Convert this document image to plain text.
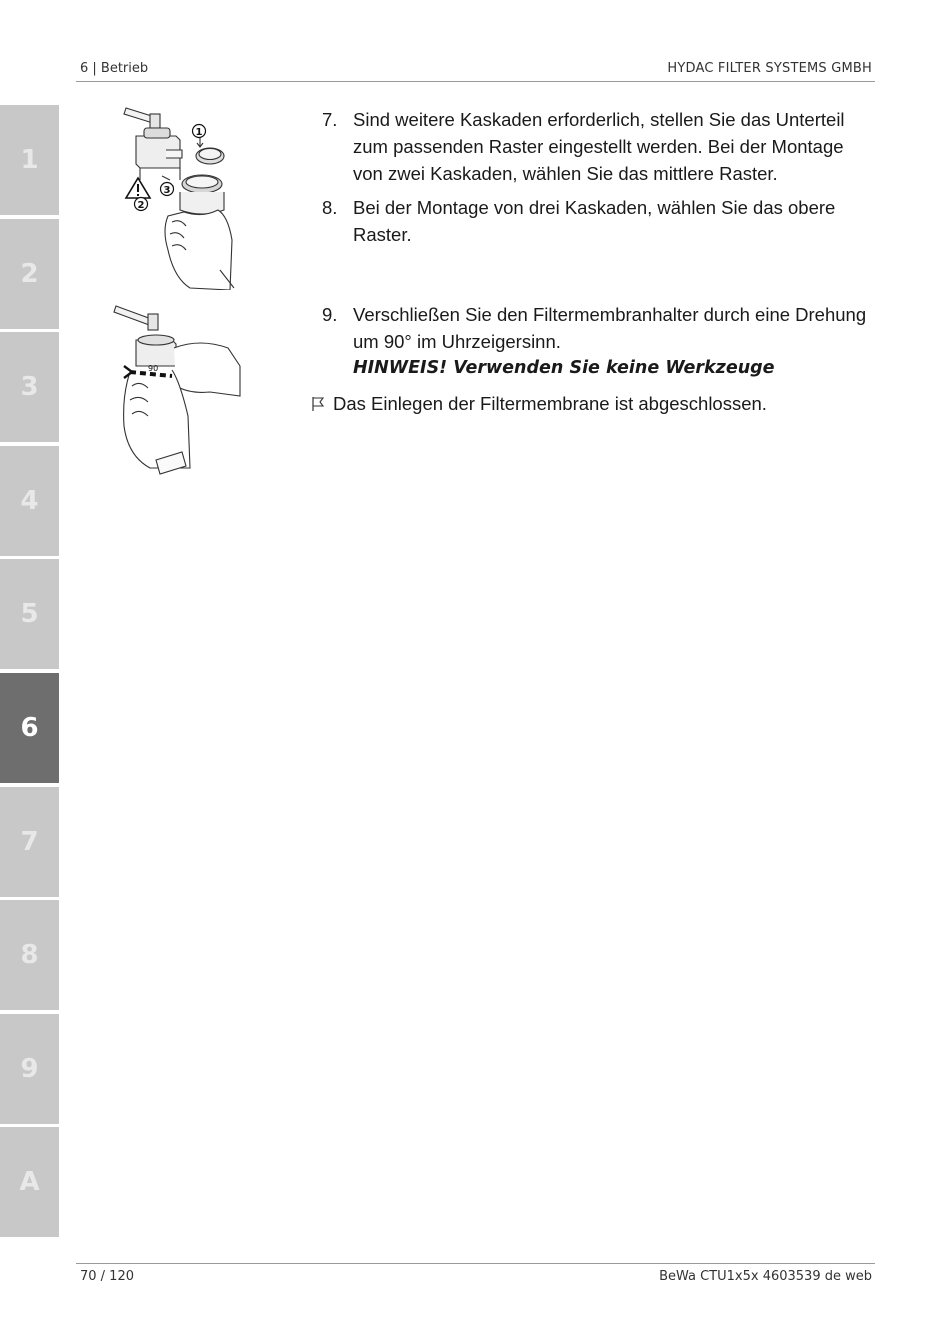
6 | Betrieb	HYDAC FILTER SYSTEMS GMBH
1
2
3
4
5
6
7
8
9
A
1
2
3
90
7. Sind weitere Kaskaden erforderlich, stellen Sie das Unterteil zum passenden Raster eingestellt werden. Bei der Montage von zwei Kaskaden, wählen Sie das mittlere Raster.
8. Bei der Montage von drei Kaskaden, wählen Sie das obere Raster.
9. Verschließen Sie den Filtermembranhalter durch eine Drehung um 90° im Uhrzeigersinn.
HINWEIS! Verwenden Sie keine Werkzeuge
Das Einlegen der Filtermembrane ist abgeschlossen.
70 / 120	BeWa CTU1x5x 4603539 de web
